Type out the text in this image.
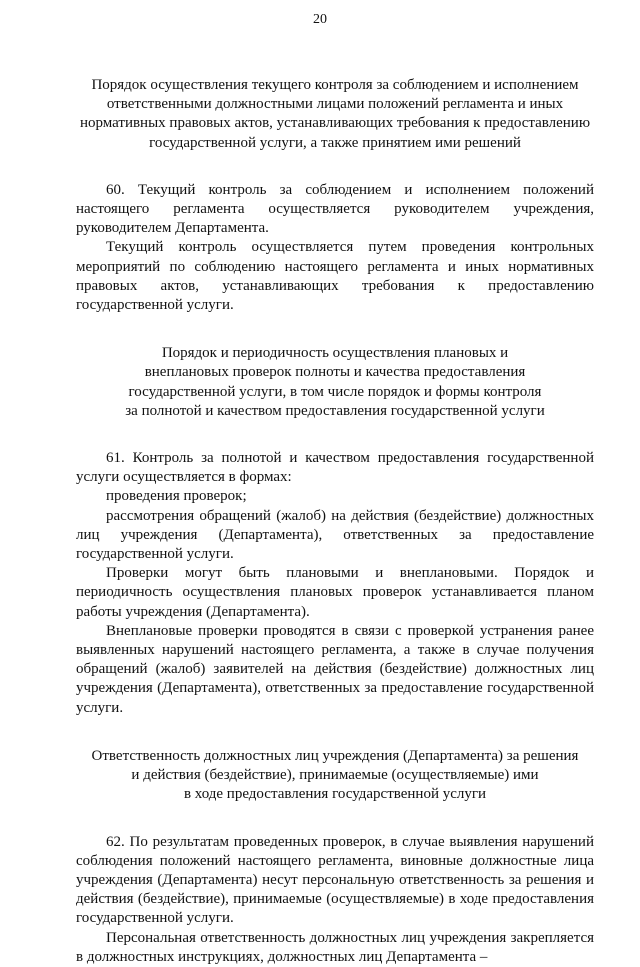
20
Порядок осуществления текущего контроля за соблюдением и исполнением
ответственными должностными лицами положений регламента и иных
нормативных правовых актов, устанавливающих требования к предоставлению
государственной услуги, а также принятием ими решений

60. Текущий контроль за соблюдением и исполнением положений настоящего регламента осуществляется руководителем учреждения, руководителем Департамента.

Текущий контроль осуществляется путем проведения контрольных мероприятий по соблюдению настоящего регламента и иных нормативных правовых актов, устанавливающих требования к предоставлению государственной услуги.

Порядок и периодичность осуществления плановых и
внеплановых проверок полноты и качества предоставления
государственной услуги, в том числе порядок и формы контроля
за полнотой и качеством предоставления государственной услуги

61. Контроль за полнотой и качеством предоставления государственной услуги осуществляется в формах:

проведения проверок;

рассмотрения обращений (жалоб) на действия (бездействие) должностных лиц учреждения (Департамента), ответственных за предоставление государственной услуги.

Проверки могут быть плановыми и внеплановыми. Порядок и периодичность осуществления плановых проверок устанавливается планом работы учреждения (Департамента).

Внеплановые проверки проводятся в связи с проверкой устранения ранее выявленных нарушений настоящего регламента, а также в случае получения обращений (жалоб) заявителей на действия (бездействие) должностных лиц учреждения (Департамента), ответственных за предоставление государственной услуги.

Ответственность должностных лиц учреждения (Департамента) за решения
и действия (бездействие), принимаемые (осуществляемые) ими
в ходе предоставления государственной услуги

62. По результатам проведенных проверок, в случае выявления нарушений соблюдения положений настоящего регламента, виновные должностные лица учреждения (Департамента) несут персональную ответственность за решения и действия (бездействие), принимаемые (осуществляемые) в ходе предоставления государственной услуги.

Персональная ответственность должностных лиц учреждения закрепляется в должностных инструкциях, должностных лиц Департамента –
